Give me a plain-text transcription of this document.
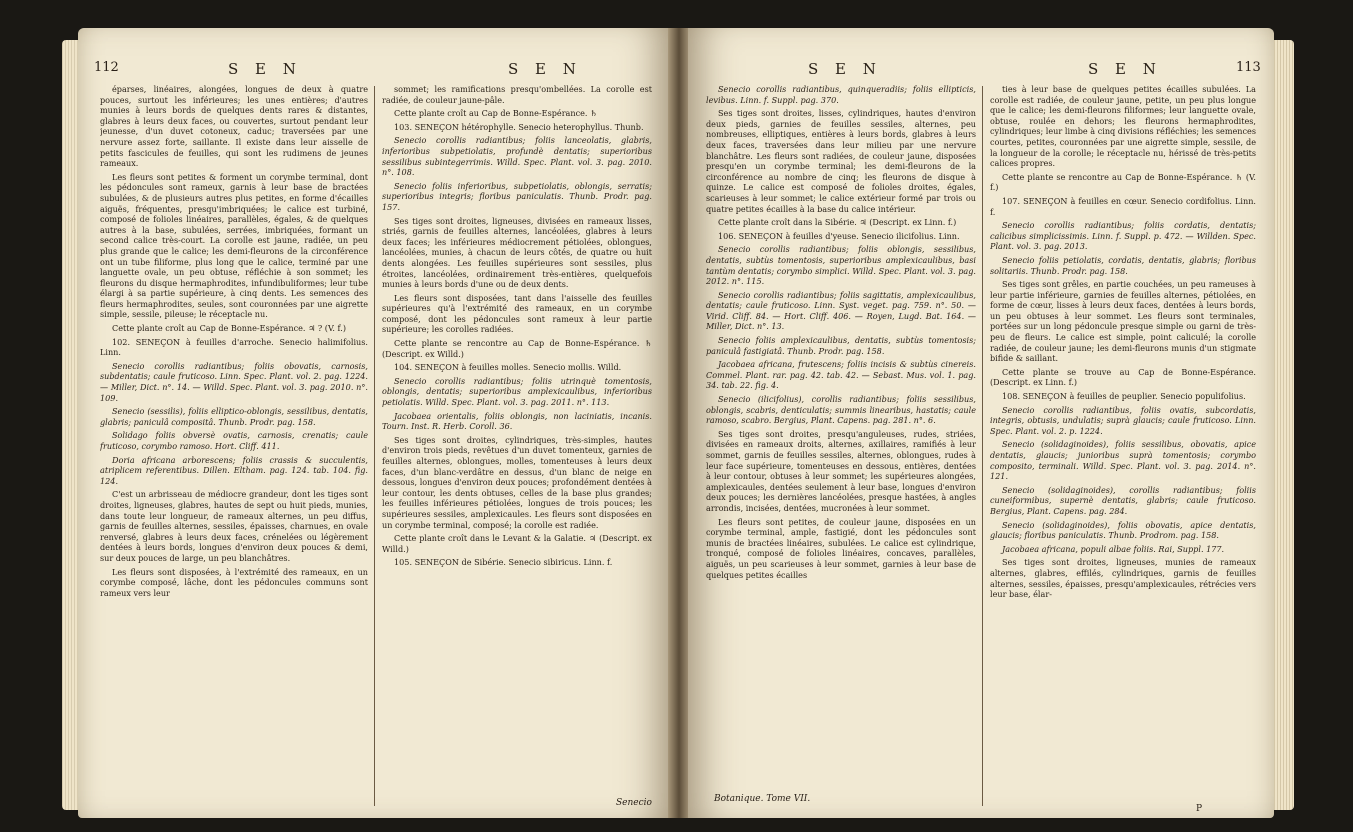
112	S E N	S E N

éparses, linéaires, alongées, longues de deux à quatre pouces, surtout les inférieures; les unes entières; d'autres munies à leurs bords de quelques dents rares & distantes, glabres à leurs deux faces, ou couvertes, surtout pendant leur jeunesse, d'un duvet cotoneux, caduc; traversées par une nervure assez forte, saillante. Il existe dans leur aisselle de petits fascicules de feuilles, qui sont les rudimens de jeunes rameaux.

Les fleurs sont petites & forment un corymbe terminal, dont les pédoncules sont rameux, garnis à leur base de bractées subulées, & de plusieurs autres plus petites, en forme d'écailles aiguës, fréquentes, presqu'imbriquées; le calice est turbiné, composé de folioles linéaires, parallèles, égales, & de quelques autres à la base, subulées, serrées, imbriquées, formant un second calice très-court. La corolle est jaune, radiée, un peu plus grande que le calice; les demi-fleurons de la circonférence ont un tube filiforme, plus long que le calice, terminé par une languette ovale, un peu obtuse, réfléchie à son sommet; les fleurons du disque hermaphrodites, infundibuliformes; leur tube élargi à sa partie supérieure, à cinq dents. Les semences des fleurs hermaphrodites, seules, sont couronnées par une aigrette simple, sessile, pileuse; le réceptacle nu.

Cette plante croît au Cap de Bonne-Espérance. ♃ ? (V. f.)

102. SENEÇON à feuilles d'arroche. Senecio halimifolius. Linn.

Senecio corollis radiantibus; foliis obovatis, carnosis, subdentatis; caule fruticoso. Linn. Spec. Plant. vol. 2. pag. 1224. — Miller, Dict. n°. 14. — Willd. Spec. Plant. vol. 3. pag. 2010. n°. 109.

Senecio (sessilis), foliis elliptico-oblongis, sessilibus, dentatis, glabris; paniculâ compositâ. Thunb. Prodr. pag. 158.

Solidago foliis obversè ovatis, carnosis, crenatis; caule fruticoso, corymbo ramoso. Hort. Cliff. 411.

Doria africana arborescens; foliis crassis & succulentis, atriplicem referentibus. Dillen. Eltham. pag. 124. tab. 104. fig. 124.

C'est un arbrisseau de médiocre grandeur, dont les tiges sont droites, ligneuses, glabres, hautes de sept ou huit pieds, munies, dans toute leur longueur, de rameaux alternes, un peu diffus, garnis de feuilles alternes, sessiles, épaisses, charnues, en ovale renversé, glabres à leurs deux faces, crénelées ou légèrement dentées à leurs bords, longues d'environ deux pouces & demi, sur deux pouces de large, un peu blanchâtres.

Les fleurs sont disposées, à l'extrémité des rameaux, en un corymbe composé, lâche, dont les pédoncules communs sont rameux vers leur

sommet; les ramifications presqu'ombellées. La corolle est radiée, de couleur jaune-pâle.

Cette plante croît au Cap de Bonne-Espérance. ♄

103. SENEÇON hétérophylle. Senecio heterophyllus. Thunb.

Senecio corollis radiantibus; foliis lanceolatis, glabris, inferioribus subpetiolatis, profundè dentatis; superioribus sessilibus subintegerrimis. Willd. Spec. Plant. vol. 3. pag. 2010. n°. 108.

Senecio foliis inferioribus, subpetiolatis, oblongis, serratis; superioribus integris; floribus paniculatis. Thunb. Prodr. pag. 157.

Ses tiges sont droites, ligneuses, divisées en rameaux lisses, striés, garnis de feuilles alternes, lancéolées, glabres à leurs deux faces; les inférieures médiocrement pétiolées, oblongues, lancéolées, munies, à chacun de leurs côtés, de quatre ou huit dents alongées. Les feuilles supérieures sont sessiles, plus étroites, lancéolées, ordinairement très-entières, quelquefois munies à leurs bords d'une ou de deux dents.

Les fleurs sont disposées, tant dans l'aisselle des feuilles supérieures qu'à l'extrémité des rameaux, en un corymbe composé, dont les pédoncules sont rameux à leur partie supérieure; les corolles radiées.

Cette plante se rencontre au Cap de Bonne-Espérance. ♄ (Descript. ex Willd.)

104. SENEÇON à feuilles molles. Senecio mollis. Willd.

Senecio corollis radiantibus; foliis utrinquè tomentosis, oblongis, dentatis; superioribus amplexicaulibus, inferioribus petiolatis. Willd. Spec. Plant. vol. 3. pag. 2011. n°. 113.

Jacobaea orientalis, foliis oblongis, non laciniatis, incanis. Tourn. Inst. R. Herb. Coroll. 36.

Ses tiges sont droites, cylindriques, très-simples, hautes d'environ trois pieds, revêtues d'un duvet tomenteux, garnies de feuilles alternes, oblongues, molles, tomenteuses à leurs deux faces, d'un blanc-verdâtre en dessus, d'un blanc de neige en dessous, longues d'environ deux pouces; profondément dentées à leur contour, les dents obtuses, celles de la base plus grandes; les feuilles inférieures pétiolées, longues de trois pouces; les supérieures sessiles, amplexicaules. Les fleurs sont disposées en un corymbe terminal, composé; la corolle est radiée.

Cette plante croît dans le Levant & la Galatie. ♃ (Descript. ex Willd.)

105. SENEÇON de Sibérie. Senecio sibiricus. Linn. f.

Senecio
S E N	S E N	113

Senecio corollis radiantibus, quinqueradiis; foliis ellipticis, levibus. Linn. f. Suppl. pag. 370.

Ses tiges sont droites, lisses, cylindriques, hautes d'environ deux pieds, garnies de feuilles sessiles, alternes, peu nombreuses, elliptiques, entières à leurs bords, glabres à leurs deux faces, traversées dans leur milieu par une nervure blanchâtre. Les fleurs sont radiées, de couleur jaune, disposées presqu'en un corymbe terminal; les demi-fleurons de la circonférence au nombre de cinq; les fleurons de disque à quinze. Le calice est composé de folioles droites, égales, scarieuses à leur sommet; le calice extérieur formé par trois ou quatre petites écailles à la base du calice intérieur.

Cette plante croît dans la Sibérie. ♃ (Descript. ex Linn. f.)

106. SENEÇON à feuilles d'yeuse. Senecio ilicifolius. Linn.

Senecio corollis radiantibus; foliis oblongis, sessilibus, dentatis, subtùs tomentosis, superioribus amplexicaulibus, basi tantùm dentatis; corymbo simplici. Willd. Spec. Plant. vol. 3. pag. 2012. n°. 115.

Senecio corollis radiantibus; foliis sagittatis, amplexicaulibus, dentatis; caule fruticoso. Linn. Syst. veget. pag. 759. n°. 50. — Virid. Cliff. 84. — Hort. Cliff. 406. — Royen, Lugd. Bat. 164. — Miller, Dict. n°. 13.

Senecio foliis amplexicaulibus, dentatis, subtùs tomentosis; paniculâ fastigiatâ. Thunb. Prodr. pag. 158.

Jacobaea africana, frutescens; foliis incisis & subtùs cinereis. Commel. Plant. rar. pag. 42. tab. 42. — Sebast. Mus. vol. 1. pag. 34. tab. 22. fig. 4.

Senecio (ilicifolius), corollis radiantibus; foliis sessilibus, oblongis, scabris, denticulatis; summis linearibus, hastatis; caule ramoso, scabro. Bergius, Plant. Capens. pag. 281. n°. 6.

Ses tiges sont droites, presqu'anguleuses, rudes, striées, divisées en rameaux droits, alternes, axillaires, ramifiés à leur sommet, garnis de feuilles sessiles, alternes, oblongues, rudes à leur face supérieure, tomenteuses en dessous, entières, dentées à leur contour, obtuses à leur sommet; les supérieures alongées, amplexicaules, dentées seulement à leur base, longues d'environ deux pouces; les dernières lancéolées, presque hastées, à angles arrondis, incisées, dentées, mucronées à leur sommet.

Les fleurs sont petites, de couleur jaune, disposées en un corymbe terminal, ample, fastigié, dont les pédoncules sont munis de bractées linéaires, subulées. Le calice est cylindrique, tronqué, composé de folioles linéaires, concaves, parallèles, aiguës, un peu scarieuses à leur sommet, garnies à leur base de quelques petites écailles

Botanique. Tome VII.

ties à leur base de quelques petites écailles subulées. La corolle est radiée, de couleur jaune, petite, un peu plus longue que le calice; les demi-fleurons filiformes; leur languette ovale, obtuse, roulée en dehors; les fleurons hermaphrodites, cylindriques; leur limbe à cinq divisions réfléchies; les semences courtes, petites, couronnées par une aigrette simple, sessile, de la longueur de la corolle; le réceptacle nu, hérissé de très-petits calices propres.

Cette plante se rencontre au Cap de Bonne-Espérance. ♄ (V. f.)

107. SENEÇON à feuilles en cœur. Senecio cordifolius. Linn. f.

Senecio corollis radiantibus; foliis cordatis, dentatis; calicibus simplicissimis. Linn. f. Suppl. p. 472. — Willden. Spec. Plant. vol. 3. pag. 2013.

Senecio foliis petiolatis, cordatis, dentatis, glabris; floribus solitariis. Thunb. Prodr. pag. 158.

Ses tiges sont grêles, en partie couchées, un peu rameuses à leur partie inférieure, garnies de feuilles alternes, pétiolées, en forme de cœur, lisses à leurs deux faces, dentées à leurs bords, un peu obtuses à leur sommet. Les fleurs sont terminales, portées sur un long pédoncule presque simple ou garni de très-peu de fleurs. Le calice est simple, point caliculé; la corolle radiée, de couleur jaune; les demi-fleurons munis d'un stigmate bifide & saillant.

Cette plante se trouve au Cap de Bonne-Espérance. (Descript. ex Linn. f.)

108. SENEÇON à feuilles de peuplier. Senecio populifolius.

Senecio corollis radiantibus, foliis ovatis, subcordatis, integris, obtusis, undulatis; suprà glaucis; caule fruticoso. Linn. Spec. Plant. vol. 2. p. 1224.

Senecio (solidaginoides), foliis sessilibus, obovatis, apice dentatis, glaucis; junioribus suprà tomentosis; corymbo composito, terminali. Willd. Spec. Plant. vol. 3. pag. 2014. n°. 121.

Senecio (solidaginoides), corollis radiantibus; foliis cuneiformibus, supernè dentatis, glabris; caule fruticoso. Bergius, Plant. Capens. pag. 284.

Senecio (solidaginoides), foliis obovatis, apice dentatis, glaucis; floribus paniculatis. Thunb. Prodrom. pag. 158.

Jacobaea africana, populi albae foliis. Rai, Suppl. 177.

Ses tiges sont droites, ligneuses, munies de rameaux alternes, glabres, effilés, cylindriques, garnis de feuilles alternes, sessiles, épaisses, presqu'amplexicaules, rétrécies vers leur base, élar-

P
